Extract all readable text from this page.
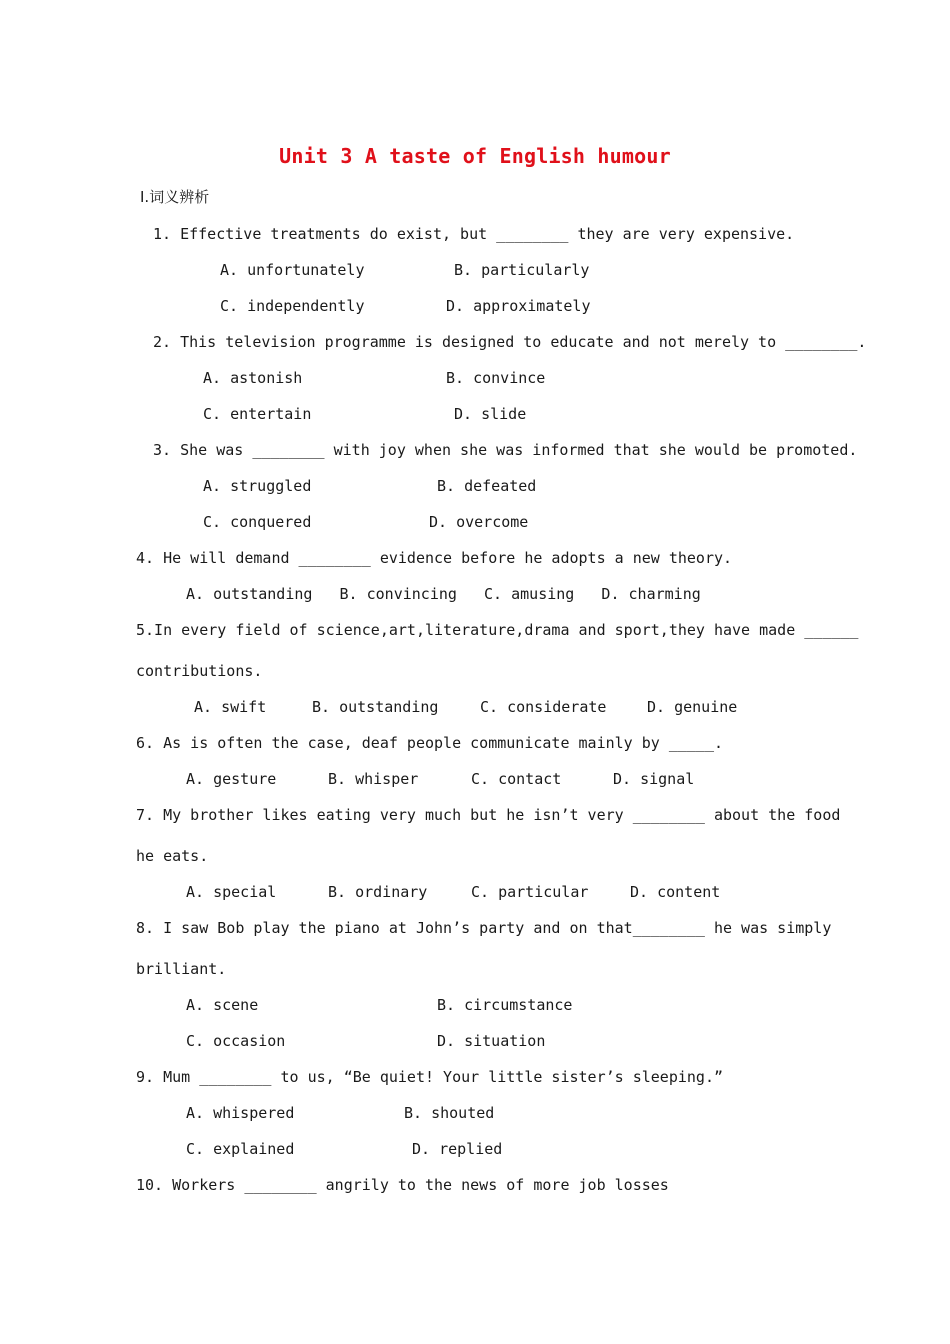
Unit 3 A taste of English humour
Ⅰ.词义辨析
1. Effective treatments do exist, but ________ they are very expensive.
A. unfortunately	B. particularly
C. independently	D. approximately
2. This television programme is designed to educate and not merely to ________.
A. astonish	B. convince
C. entertain	D. slide
3. She was ________ with joy when she was informed that she would be promoted.
A. struggled	B. defeated
C. conquered	D. overcome
4. He will demand ________ evidence before he adopts a new theory.
A. outstanding   B. convincing   C. amusing   D. charming
5.In every field of science,art,literature,drama and sport,they have made ______
contributions.
A. swift	B. outstanding	C. considerate	D. genuine
6. As is often the case, deaf people communicate mainly by _____.
A. gesture	B. whisper	C. contact	D. signal
7. My brother likes eating very much but he isn’t very ________ about the food
he eats.
A. special	B. ordinary	C. particular	D. content
8. I saw Bob play the piano at John’s party and on that________ he was simply
brilliant.
A. scene	B. circumstance
C. occasion	D. situation
9. Mum ________ to us, “Be quiet! Your little sister’s sleeping.”
A. whispered	B. shouted
C. explained	D. replied
10. Workers ________ angrily to the news of more job losses
